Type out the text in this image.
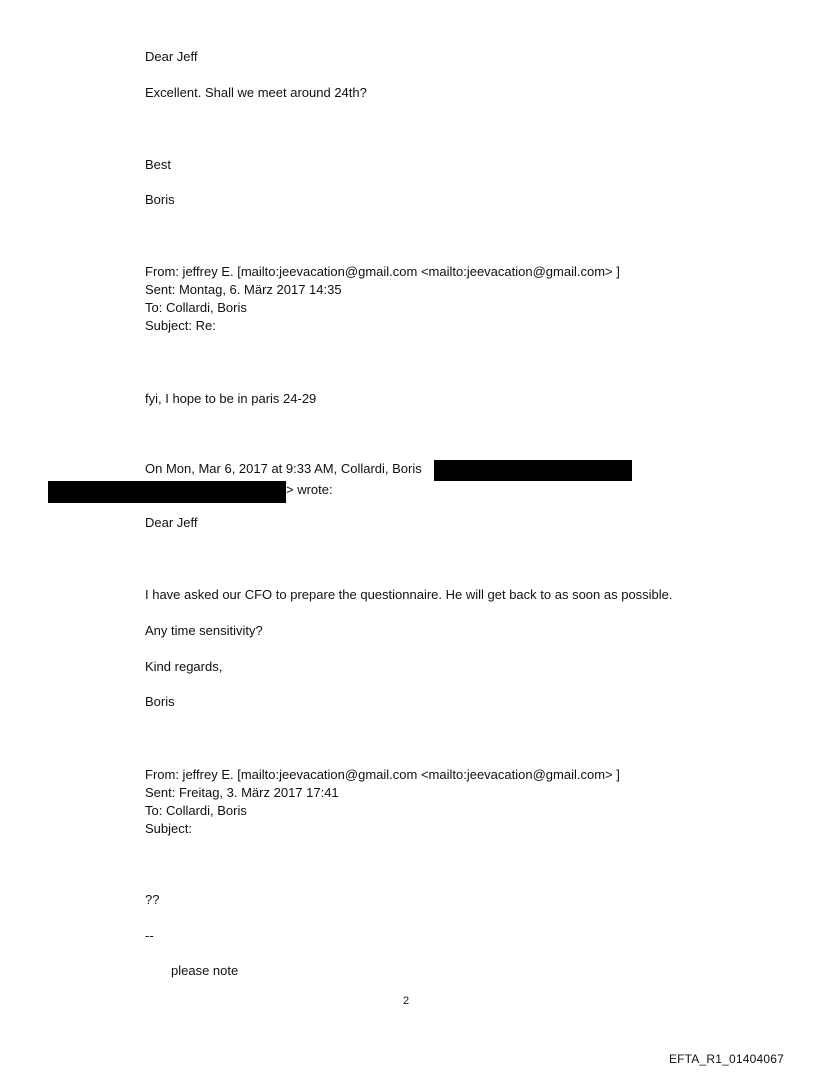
Dear Jeff
Excellent. Shall we meet around 24th?
Best
Boris
From: jeffrey E. [mailto:jeevacation@gmail.com <mailto:jeevacation@gmail.com> ]
Sent: Montag, 6. März 2017 14:35
To: Collardi, Boris
Subject: Re:
fyi, I hope to be in paris 24-29
On Mon, Mar 6, 2017 at 9:33 AM, Collardi, Boris
> wrote:
Dear Jeff
I have asked our CFO to prepare the questionnaire. He will get back to as soon as possible.
Any time sensitivity?
Kind regards,
Boris
From: jeffrey E. [mailto:jeevacation@gmail.com <mailto:jeevacation@gmail.com> ]
Sent: Freitag, 3. März 2017 17:41
To: Collardi, Boris
Subject:
??
--
please note
2
EFTA_R1_01404067
